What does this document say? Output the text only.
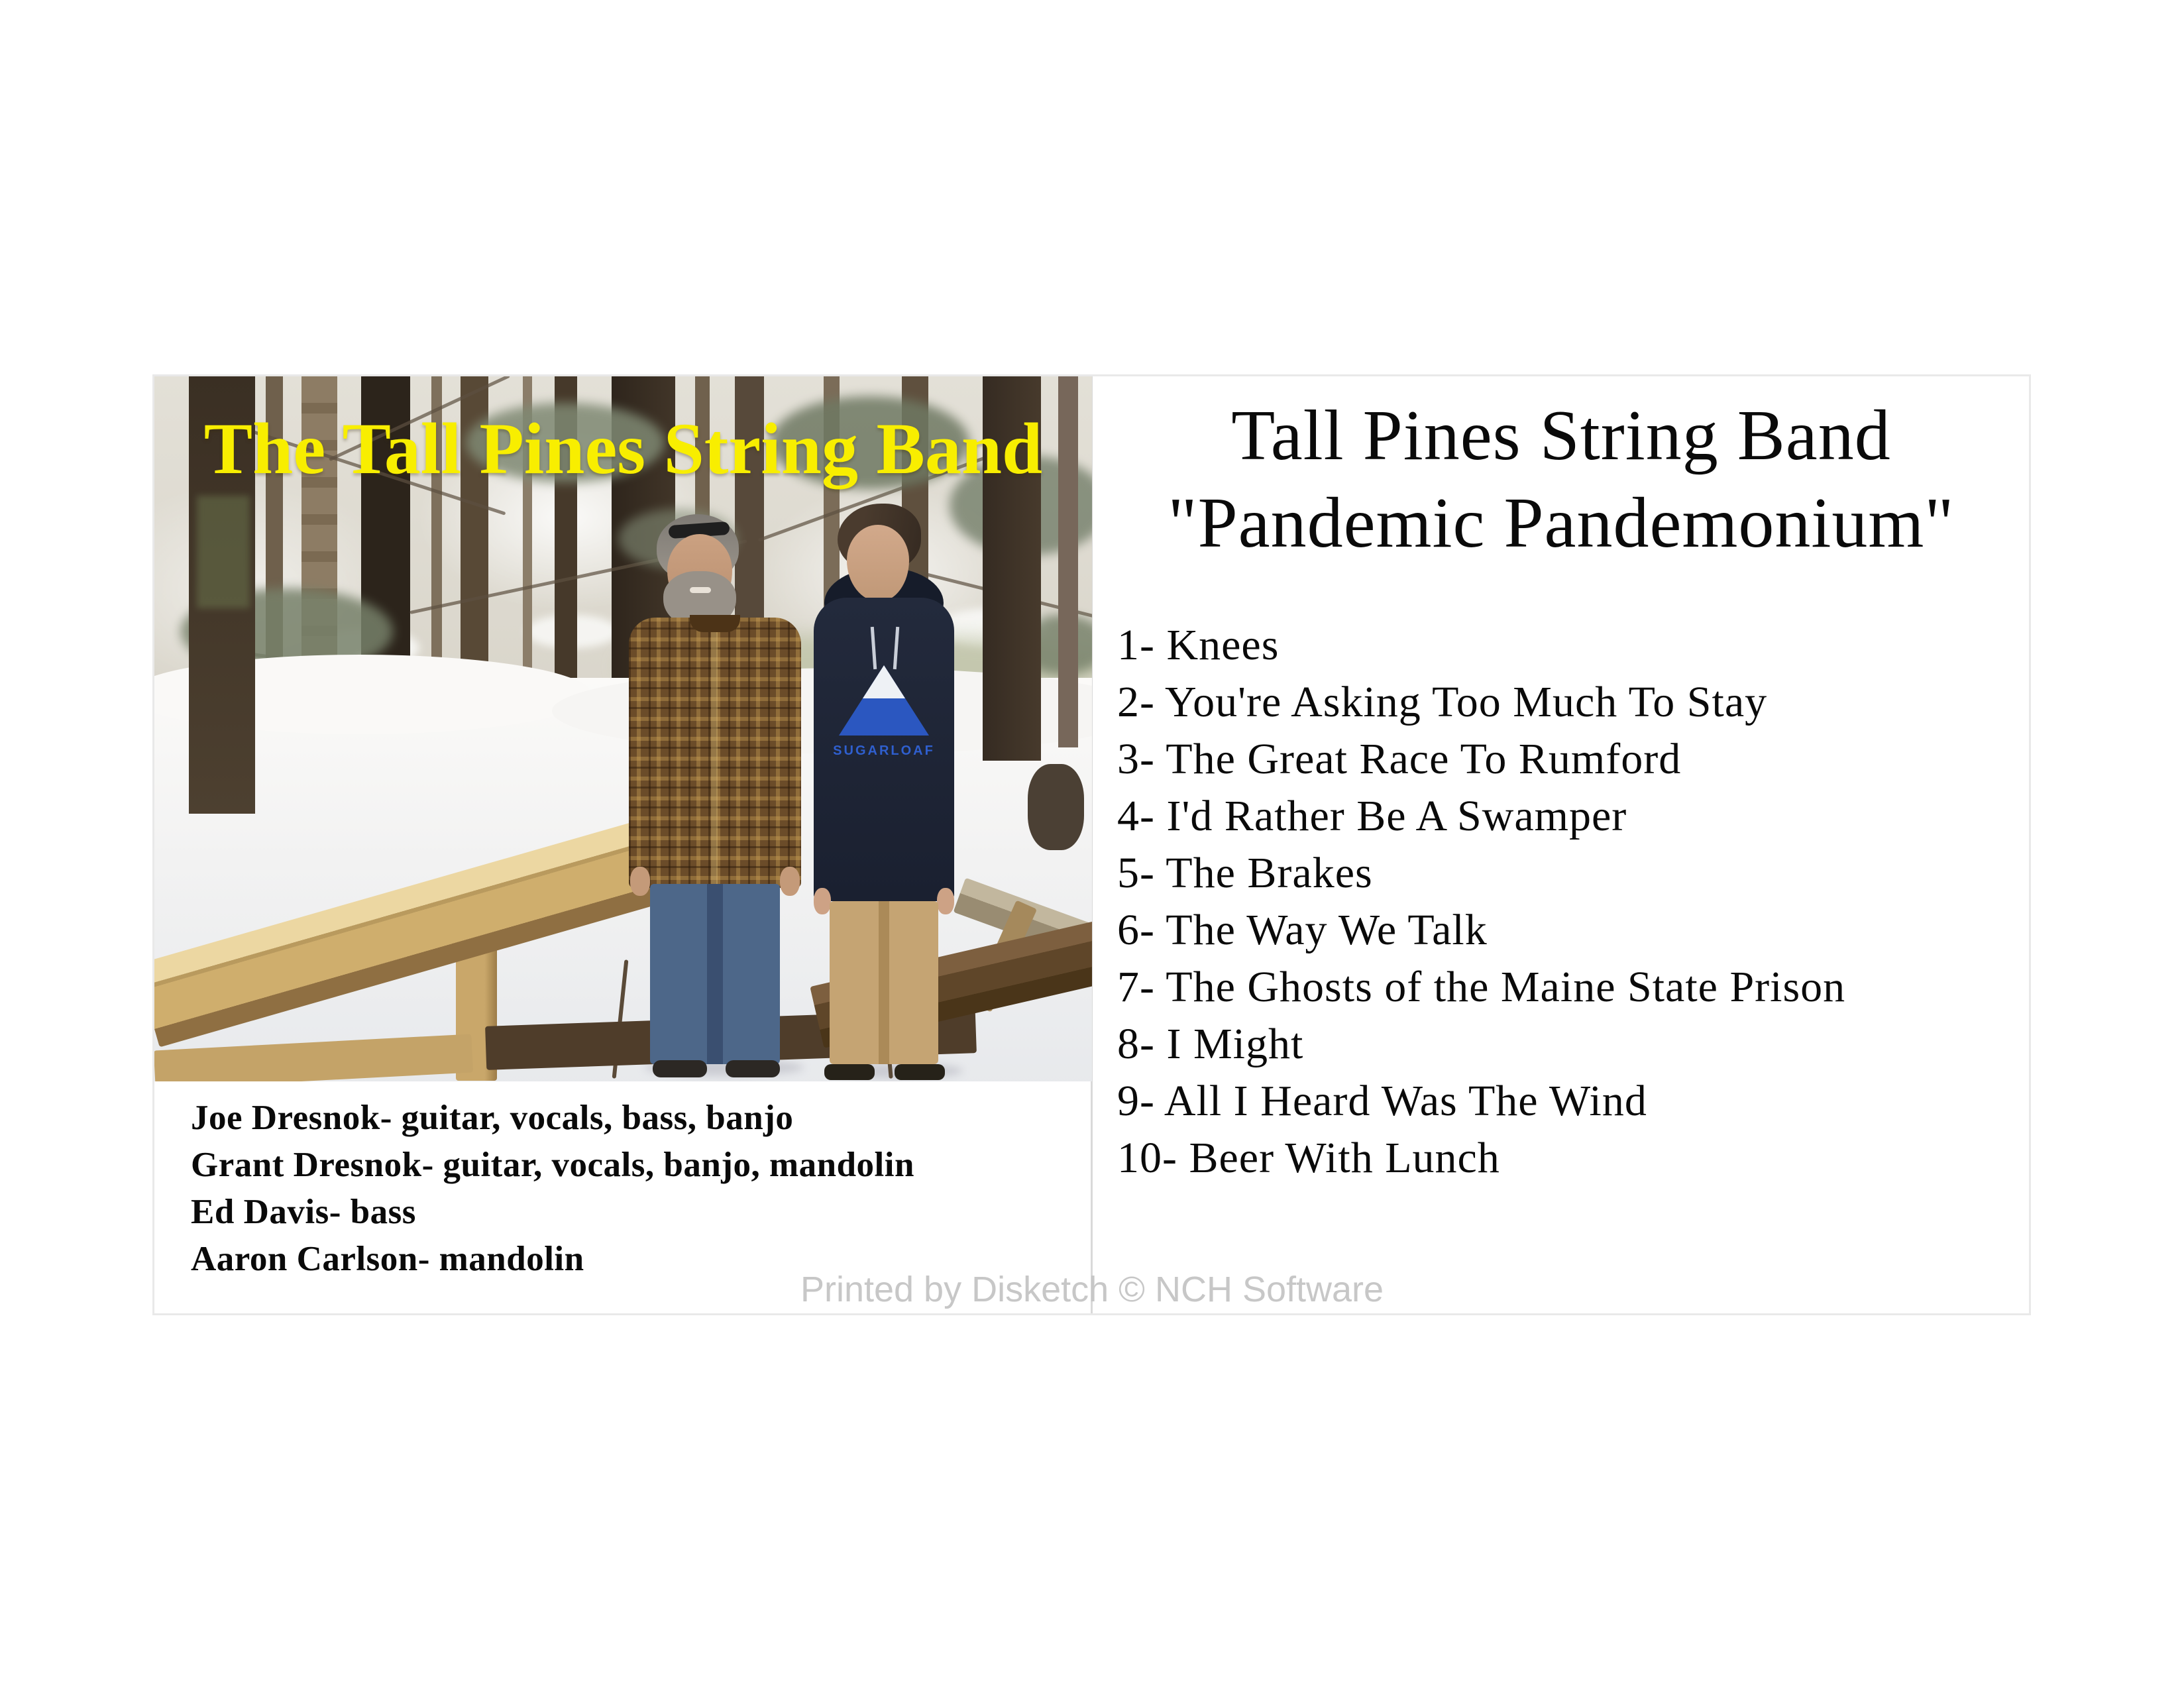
SUGARLOAF
The Tall Pines String Band
Joe Dresnok- guitar, vocals, bass, banjo
Grant Dresnok- guitar, vocals, banjo, mandolin
Ed Davis- bass
Aaron Carlson- mandolin
Tall Pines String Band
"Pandemic Pandemonium"
1- Knees
2- You're Asking Too Much To Stay
3- The Great Race To Rumford
4- I'd Rather Be A Swamper
5- The Brakes
6- The Way We Talk
7- The Ghosts of the Maine State Prison
8- I Might
9- All I Heard Was The Wind
10- Beer With Lunch
Printed by Disketch © NCH Software
